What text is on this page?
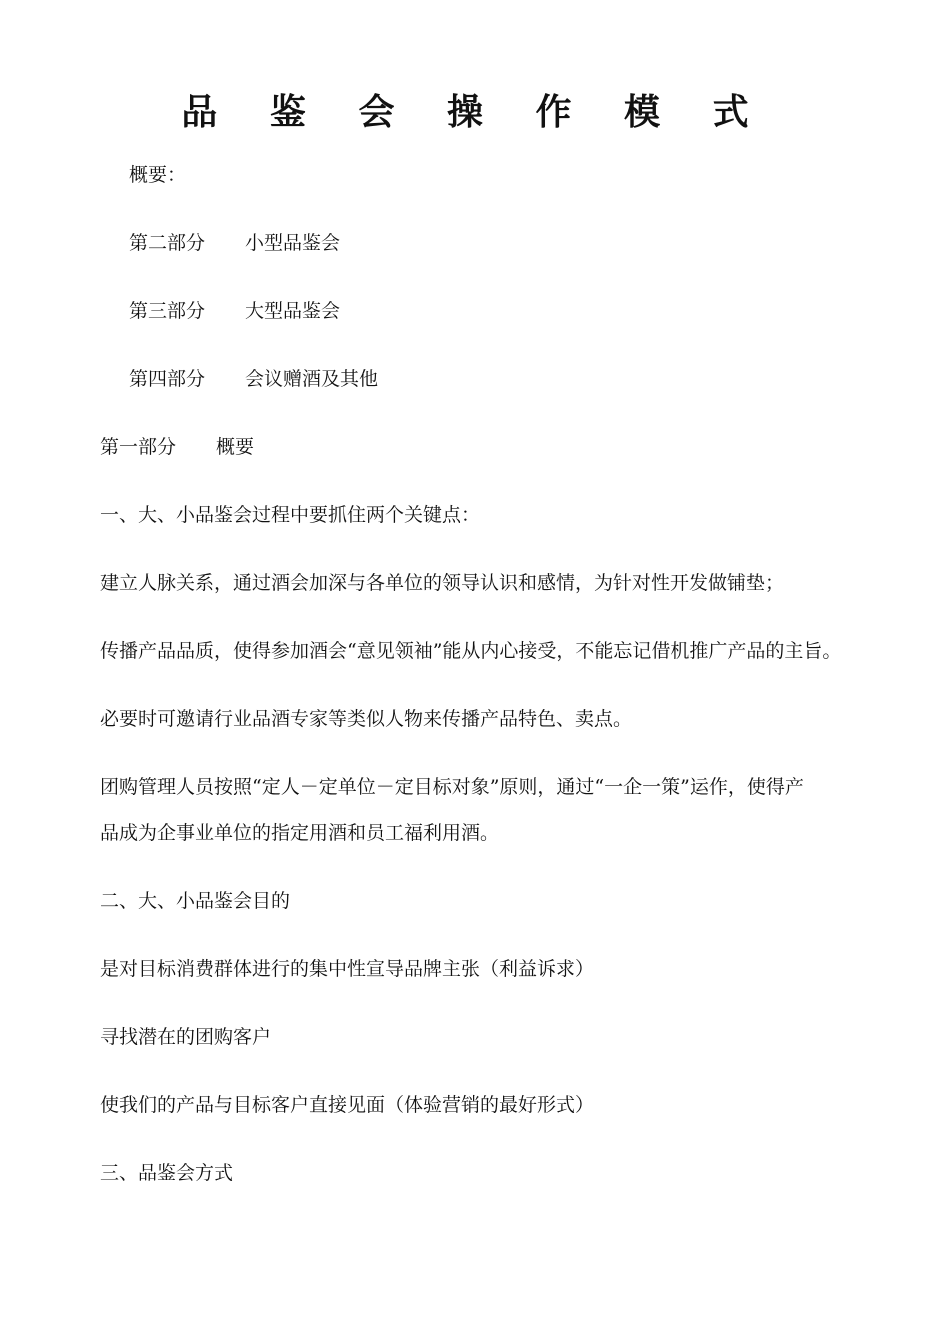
品 鉴 会 操 作 模 式
概要：
第二部分 小型品鉴会
第三部分 大型品鉴会
第四部分 会议赠酒及其他
第一部分 概要
一、大、小品鉴会过程中要抓住两个关键点：
建立人脉关系，通过酒会加深与各单位的领导认识和感情，为针对性开发做铺垫；
传播产品品质，使得参加酒会“意见领袖”能从内心接受，不能忘记借机推广产品的主旨。
必要时可邀请行业品酒专家等类似人物来传播产品特色、卖点。
团购管理人员按照“定人－定单位－定目标对象”原则，通过“一企一策”运作，使得产
品成为企事业单位的指定用酒和员工福利用酒。
二、大、小品鉴会目的
是对目标消费群体进行的集中性宣导品牌主张（利益诉求）
寻找潜在的团购客户
使我们的产品与目标客户直接见面（体验营销的最好形式）
三、品鉴会方式
